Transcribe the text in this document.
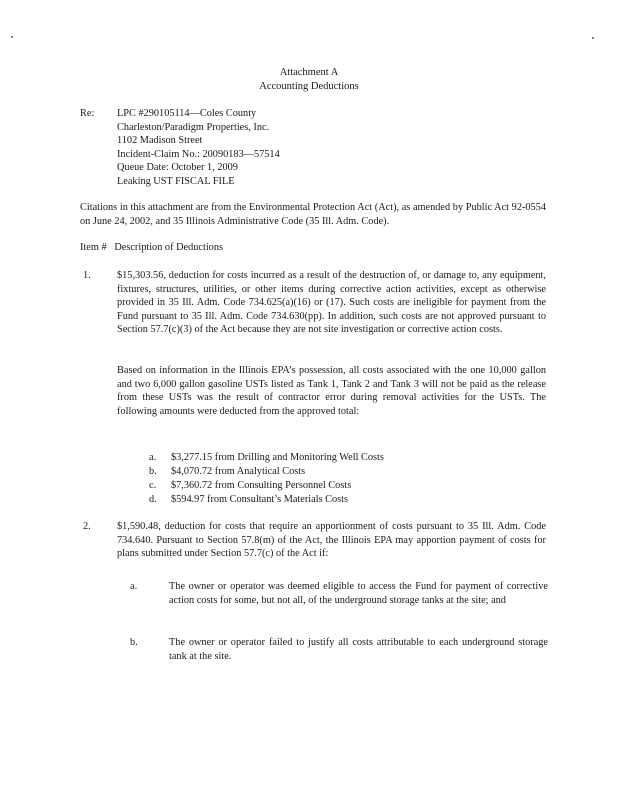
Attachment A
Accounting Deductions
Re: LPC #290105114—Coles County
Charleston/Paradigm Properties, Inc.
1102 Madison Street
Incident-Claim No.: 20090183—57514
Queue Date: October 1, 2009
Leaking UST FISCAL FILE
Citations in this attachment are from the Environmental Protection Act (Act), as amended by Public Act 92-0554 on June 24, 2002, and 35 Illinois Administrative Code (35 Ill. Adm. Code).
Item #   Description of Deductions
1.	$15,303.56, deduction for costs incurred as a result of the destruction of, or damage to, any equipment, fixtures, structures, utilities, or other items during corrective action activities, except as otherwise provided in 35 Ill. Adm. Code 734.625(a)(16) or (17). Such costs are ineligible for payment from the Fund pursuant to 35 Ill. Adm. Code 734.630(pp). In addition, such costs are not approved pursuant to Section 57.7(c)(3) of the Act because they are not site investigation or corrective action costs.
Based on information in the Illinois EPA’s possession, all costs associated with the one 10,000 gallon and two 6,000 gallon gasoline USTs listed as Tank 1, Tank 2 and Tank 3 will not be paid as the release from these USTs was the result of contractor error during removal activities for the USTs. The following amounts were deducted from the approved total:
a. $3,277.15 from Drilling and Monitoring Well Costs
b. $4,070.72 from Analytical Costs
c. $7,360.72 from Consulting Personnel Costs
d. $594.97 from Consultant’s Materials Costs
2.	$1,590.48, deduction for costs that require an apportionment of costs pursuant to 35 Ill. Adm. Code 734.640. Pursuant to Section 57.8(m) of the Act, the Illinois EPA may apportion payment of costs for plans submitted under Section 57.7(c) of the Act if:
a.	The owner or operator was deemed eligible to access the Fund for payment of corrective action costs for some, but not all, of the underground storage tanks at the site; and
b.	The owner or operator failed to justify all costs attributable to each underground storage tank at the site.
